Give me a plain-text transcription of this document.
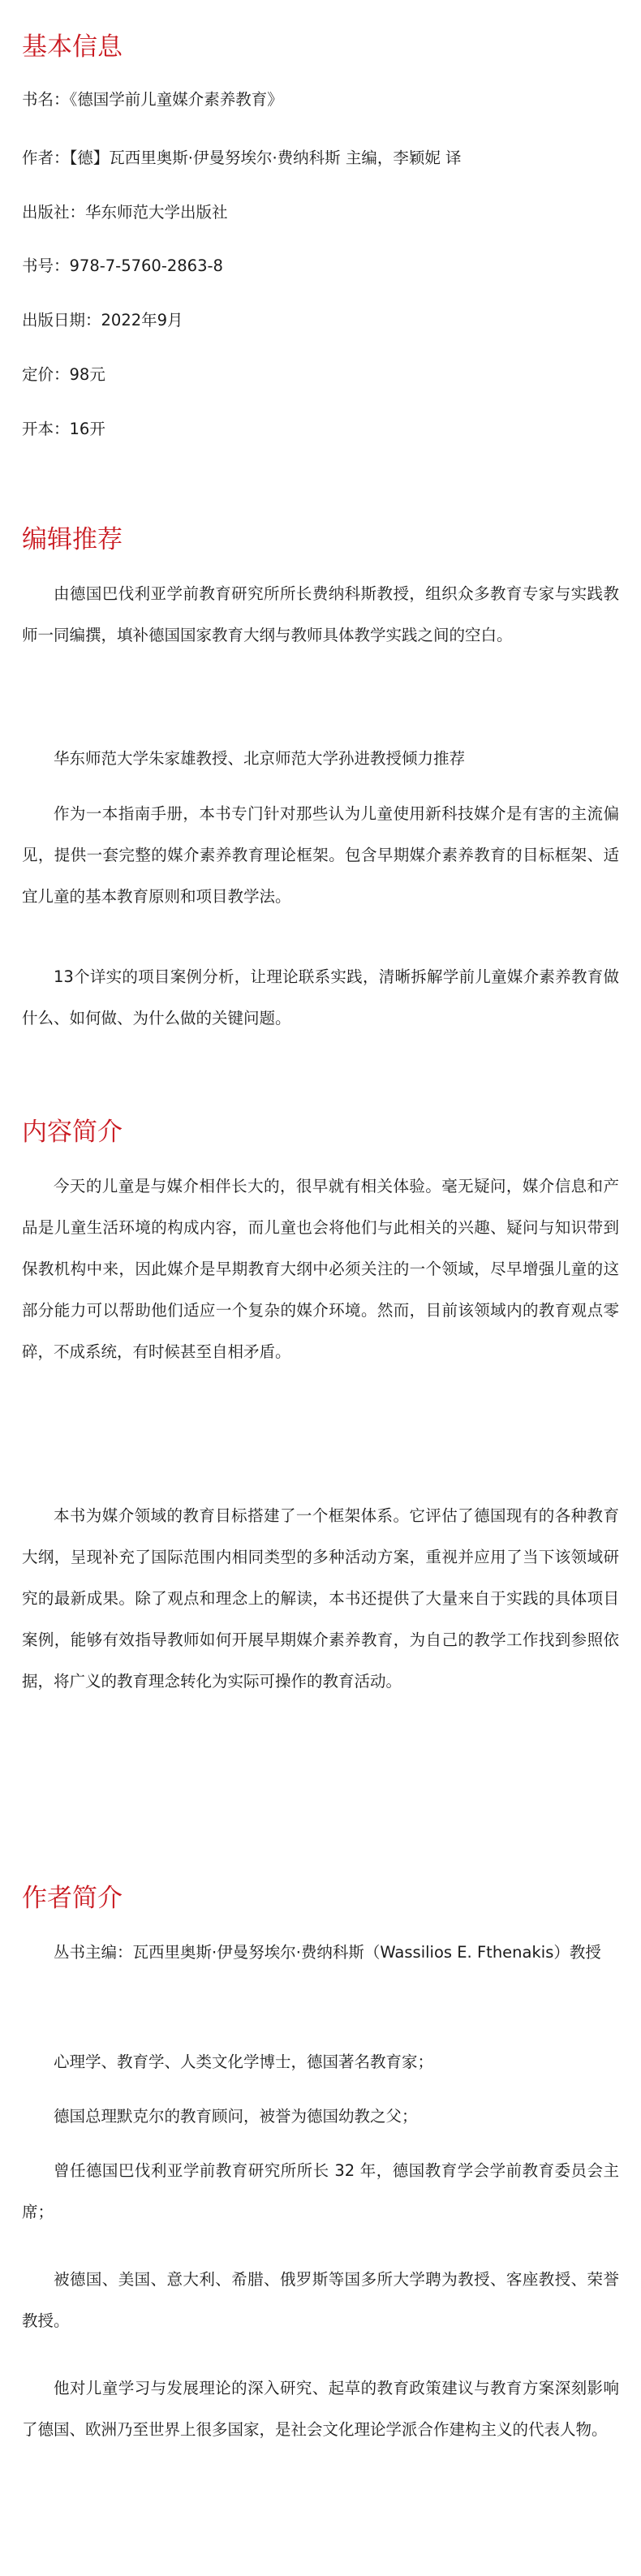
基本信息

书名：《德国学前儿童媒介素养教育》

作者：【德】瓦西里奥斯·伊曼努埃尔·费纳科斯 主编，李颖妮 译

出版社：华东师范大学出版社

书号：978-7-5760-2863-8

出版日期：2022年9月

定价：98元

开本：16开

编辑推荐

由德国巴伐利亚学前教育研究所所长费纳科斯教授，组织众多教育专家与实践教师一同编撰，填补德国国家教育大纲与教师具体教学实践之间的空白。

华东师范大学朱家雄教授、北京师范大学孙进教授倾力推荐

作为一本指南手册，本书专门针对那些认为儿童使用新科技媒介是有害的主流偏见，提供一套完整的媒介素养教育理论框架。包含早期媒介素养教育的目标框架、适宜儿童的基本教育原则和项目教学法。

13个详实的项目案例分析，让理论联系实践，清晰拆解学前儿童媒介素养教育做什么、如何做、为什么做的关键问题。

内容简介

今天的儿童是与媒介相伴长大的，很早就有相关体验。毫无疑问，媒介信息和产品是儿童生活环境的构成内容，而儿童也会将他们与此相关的兴趣、疑问与知识带到保教机构中来，因此媒介是早期教育大纲中必须关注的一个领域，尽早增强儿童的这部分能力可以帮助他们适应一个复杂的媒介环境。然而，目前该领域内的教育观点零碎，不成系统，有时候甚至自相矛盾。

本书为媒介领域的教育目标搭建了一个框架体系。它评估了德国现有的各种教育大纲，呈现补充了国际范围内相同类型的多种活动方案，重视并应用了当下该领域研究的最新成果。除了观点和理念上的解读，本书还提供了大量来自于实践的具体项目案例，能够有效指导教师如何开展早期媒介素养教育，为自己的教学工作找到参照依据，将广义的教育理念转化为实际可操作的教育活动。

作者简介

丛书主编：瓦西里奥斯·伊曼努埃尔·费纳科斯（Wassilios E. Fthenakis）教授

心理学、教育学、人类文化学博士，德国著名教育家；

德国总理默克尔的教育顾问，被誉为德国幼教之父；

曾任德国巴伐利亚学前教育研究所所长 32 年，德国教育学会学前教育委员会主席；

被德国、美国、意大利、希腊、俄罗斯等国多所大学聘为教授、客座教授、荣誉教授。

他对儿童学习与发展理论的深入研究、起草的教育政策建议与教育方案深刻影响了德国、欧洲乃至世界上很多国家，是社会文化理论学派合作建构主义的代表人物。
